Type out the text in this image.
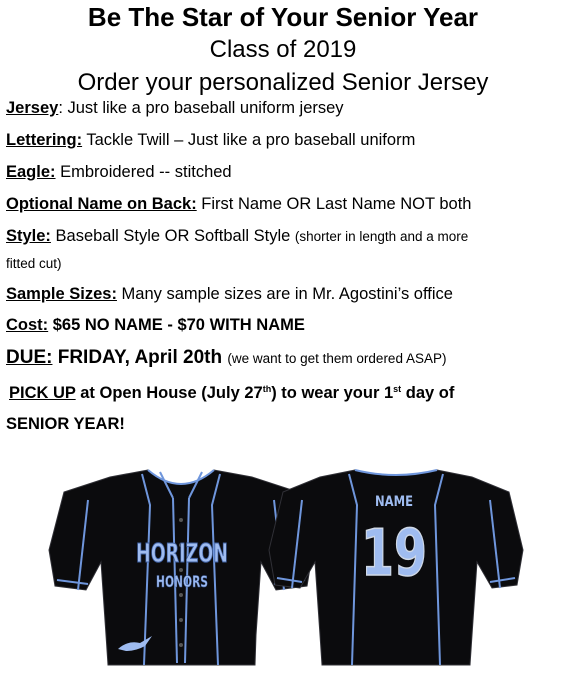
Be The Star of Your Senior Year
Class of 2019
Order your personalized Senior Jersey
Jersey: Just like a pro baseball uniform jersey
Lettering: Tackle Twill – Just like a pro baseball uniform
Eagle: Embroidered -- stitched
Optional Name on Back: First Name OR Last Name NOT both
Style: Baseball Style OR Softball Style (shorter in length and a more
fitted cut)
Sample Sizes: Many sample sizes are in Mr. Agostini’s office
Cost: $65 NO NAME - $70 WITH NAME
DUE: FRIDAY, April 20th (we want to get them ordered ASAP)
PICK UP at Open House (July 27th) to wear your 1st day of
SENIOR YEAR!
HORIZON
HONORS
NAME
19
